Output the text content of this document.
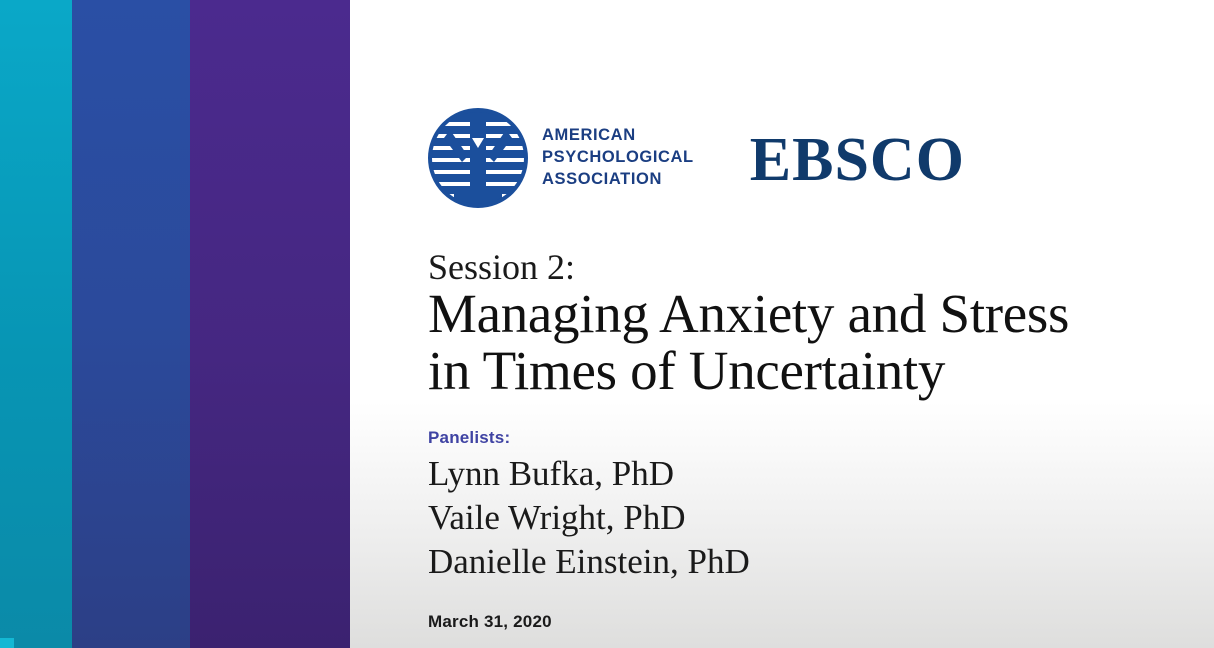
AMERICAN
PSYCHOLOGICAL
ASSOCIATION	EBSCO
Session 2:
Managing Anxiety and Stress
in Times of Uncertainty
Panelists:
Lynn Bufka, PhD
Vaile Wright, PhD
Danielle Einstein, PhD
March 31, 2020
